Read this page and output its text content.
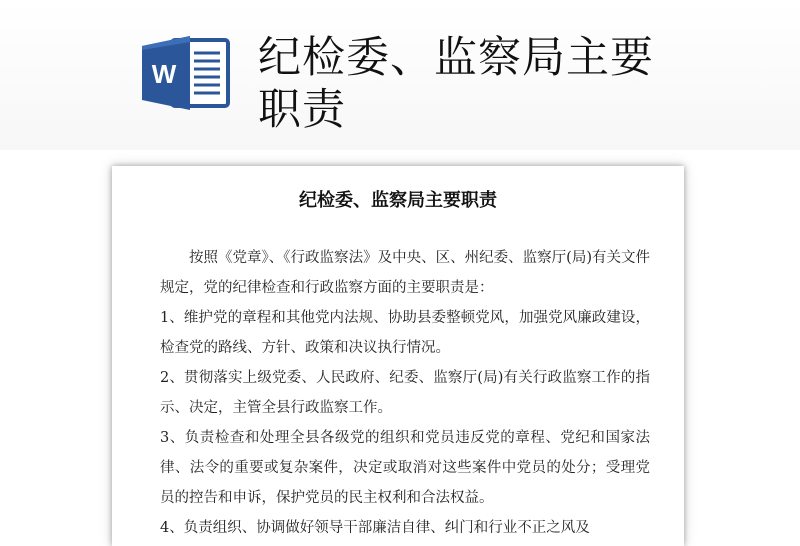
W 纪检委、监察局主要职责
纪检委、监察局主要职责

按照《党章》、《行政监察法》及中央、区、州纪委、监察厅(局)有关文件规定，党的纪律检查和行政监察方面的主要职责是：

1、维护党的章程和其他党内法规、协助县委整顿党风，加强党风廉政建设，检查党的路线、方针、政策和决议执行情况。

2、贯彻落实上级党委、人民政府、纪委、监察厅(局)有关行政监察工作的指示、决定，主管全县行政监察工作。

3、负责检查和处理全县各级党的组织和党员违反党的章程、党纪和国家法律、法令的重要或复杂案件，决定或取消对这些案件中党员的处分；受理党员的控告和申诉，保护党员的民主权利和合法权益。

4、负责组织、协调做好领导干部廉洁自律、纠门和行业不正之风及
